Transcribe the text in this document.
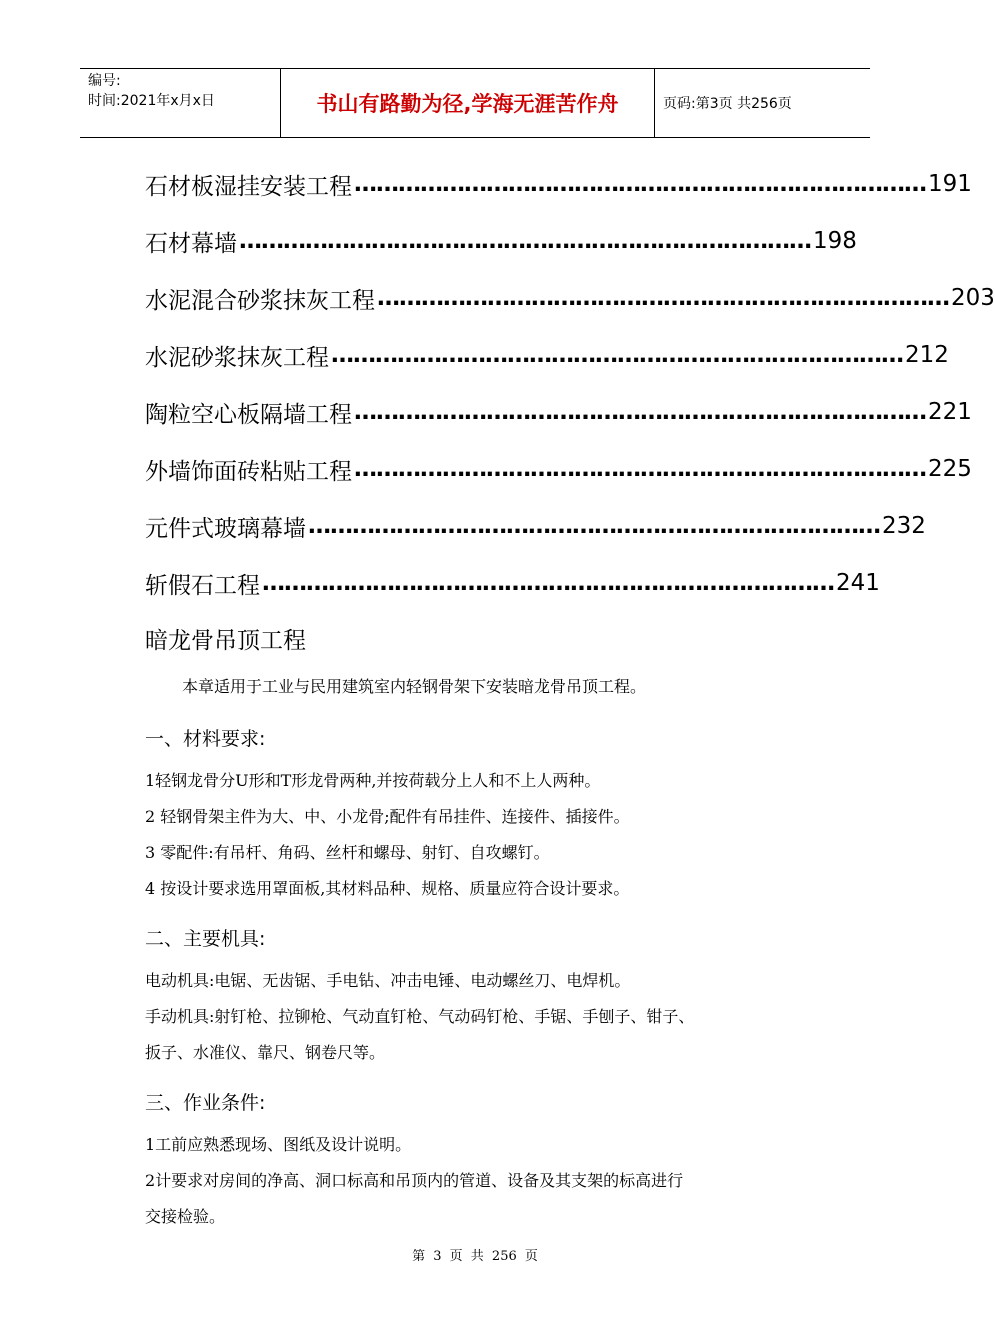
编号:
时间:2021年x月x日	书山有路勤为径,学海无涯苦作舟	页码:第3页 共256页
石材板湿挂安装工程 …………………………………………………………………… 191
石材幕墙 …………………………………………………………………… 198
水泥混合砂浆抹灰工程 …………………………………………………………………… 203
水泥砂浆抹灰工程 …………………………………………………………………… 212
陶粒空心板隔墙工程 …………………………………………………………………… 221
外墙饰面砖粘贴工程 …………………………………………………………………… 225
元件式玻璃幕墙 …………………………………………………………………… 232
斩假石工程 …………………………………………………………………… 241
暗龙骨吊顶工程
本章适用于工业与民用建筑室内轻钢骨架下安装暗龙骨吊顶工程。
一、材料要求:
1轻钢龙骨分U形和T形龙骨两种,并按荷载分上人和不上人两种。
2 轻钢骨架主件为大、中、小龙骨;配件有吊挂件、连接件、插接件。
3 零配件:有吊杆、角码、丝杆和螺母、射钉、自攻螺钉。
4 按设计要求选用罩面板,其材料品种、规格、质量应符合设计要求。
二、主要机具:
电动机具:电锯、无齿锯、手电钻、冲击电锤、电动螺丝刀、电焊机。
手动机具:射钉枪、拉铆枪、气动直钉枪、气动码钉枪、手锯、手刨子、钳子、
扳子、水准仪、靠尺、钢卷尺等。
三、作业条件:
1工前应熟悉现场、图纸及设计说明。
2计要求对房间的净高、洞口标高和吊顶内的管道、设备及其支架的标高进行
交接检验。
第 3 页 共 256 页
